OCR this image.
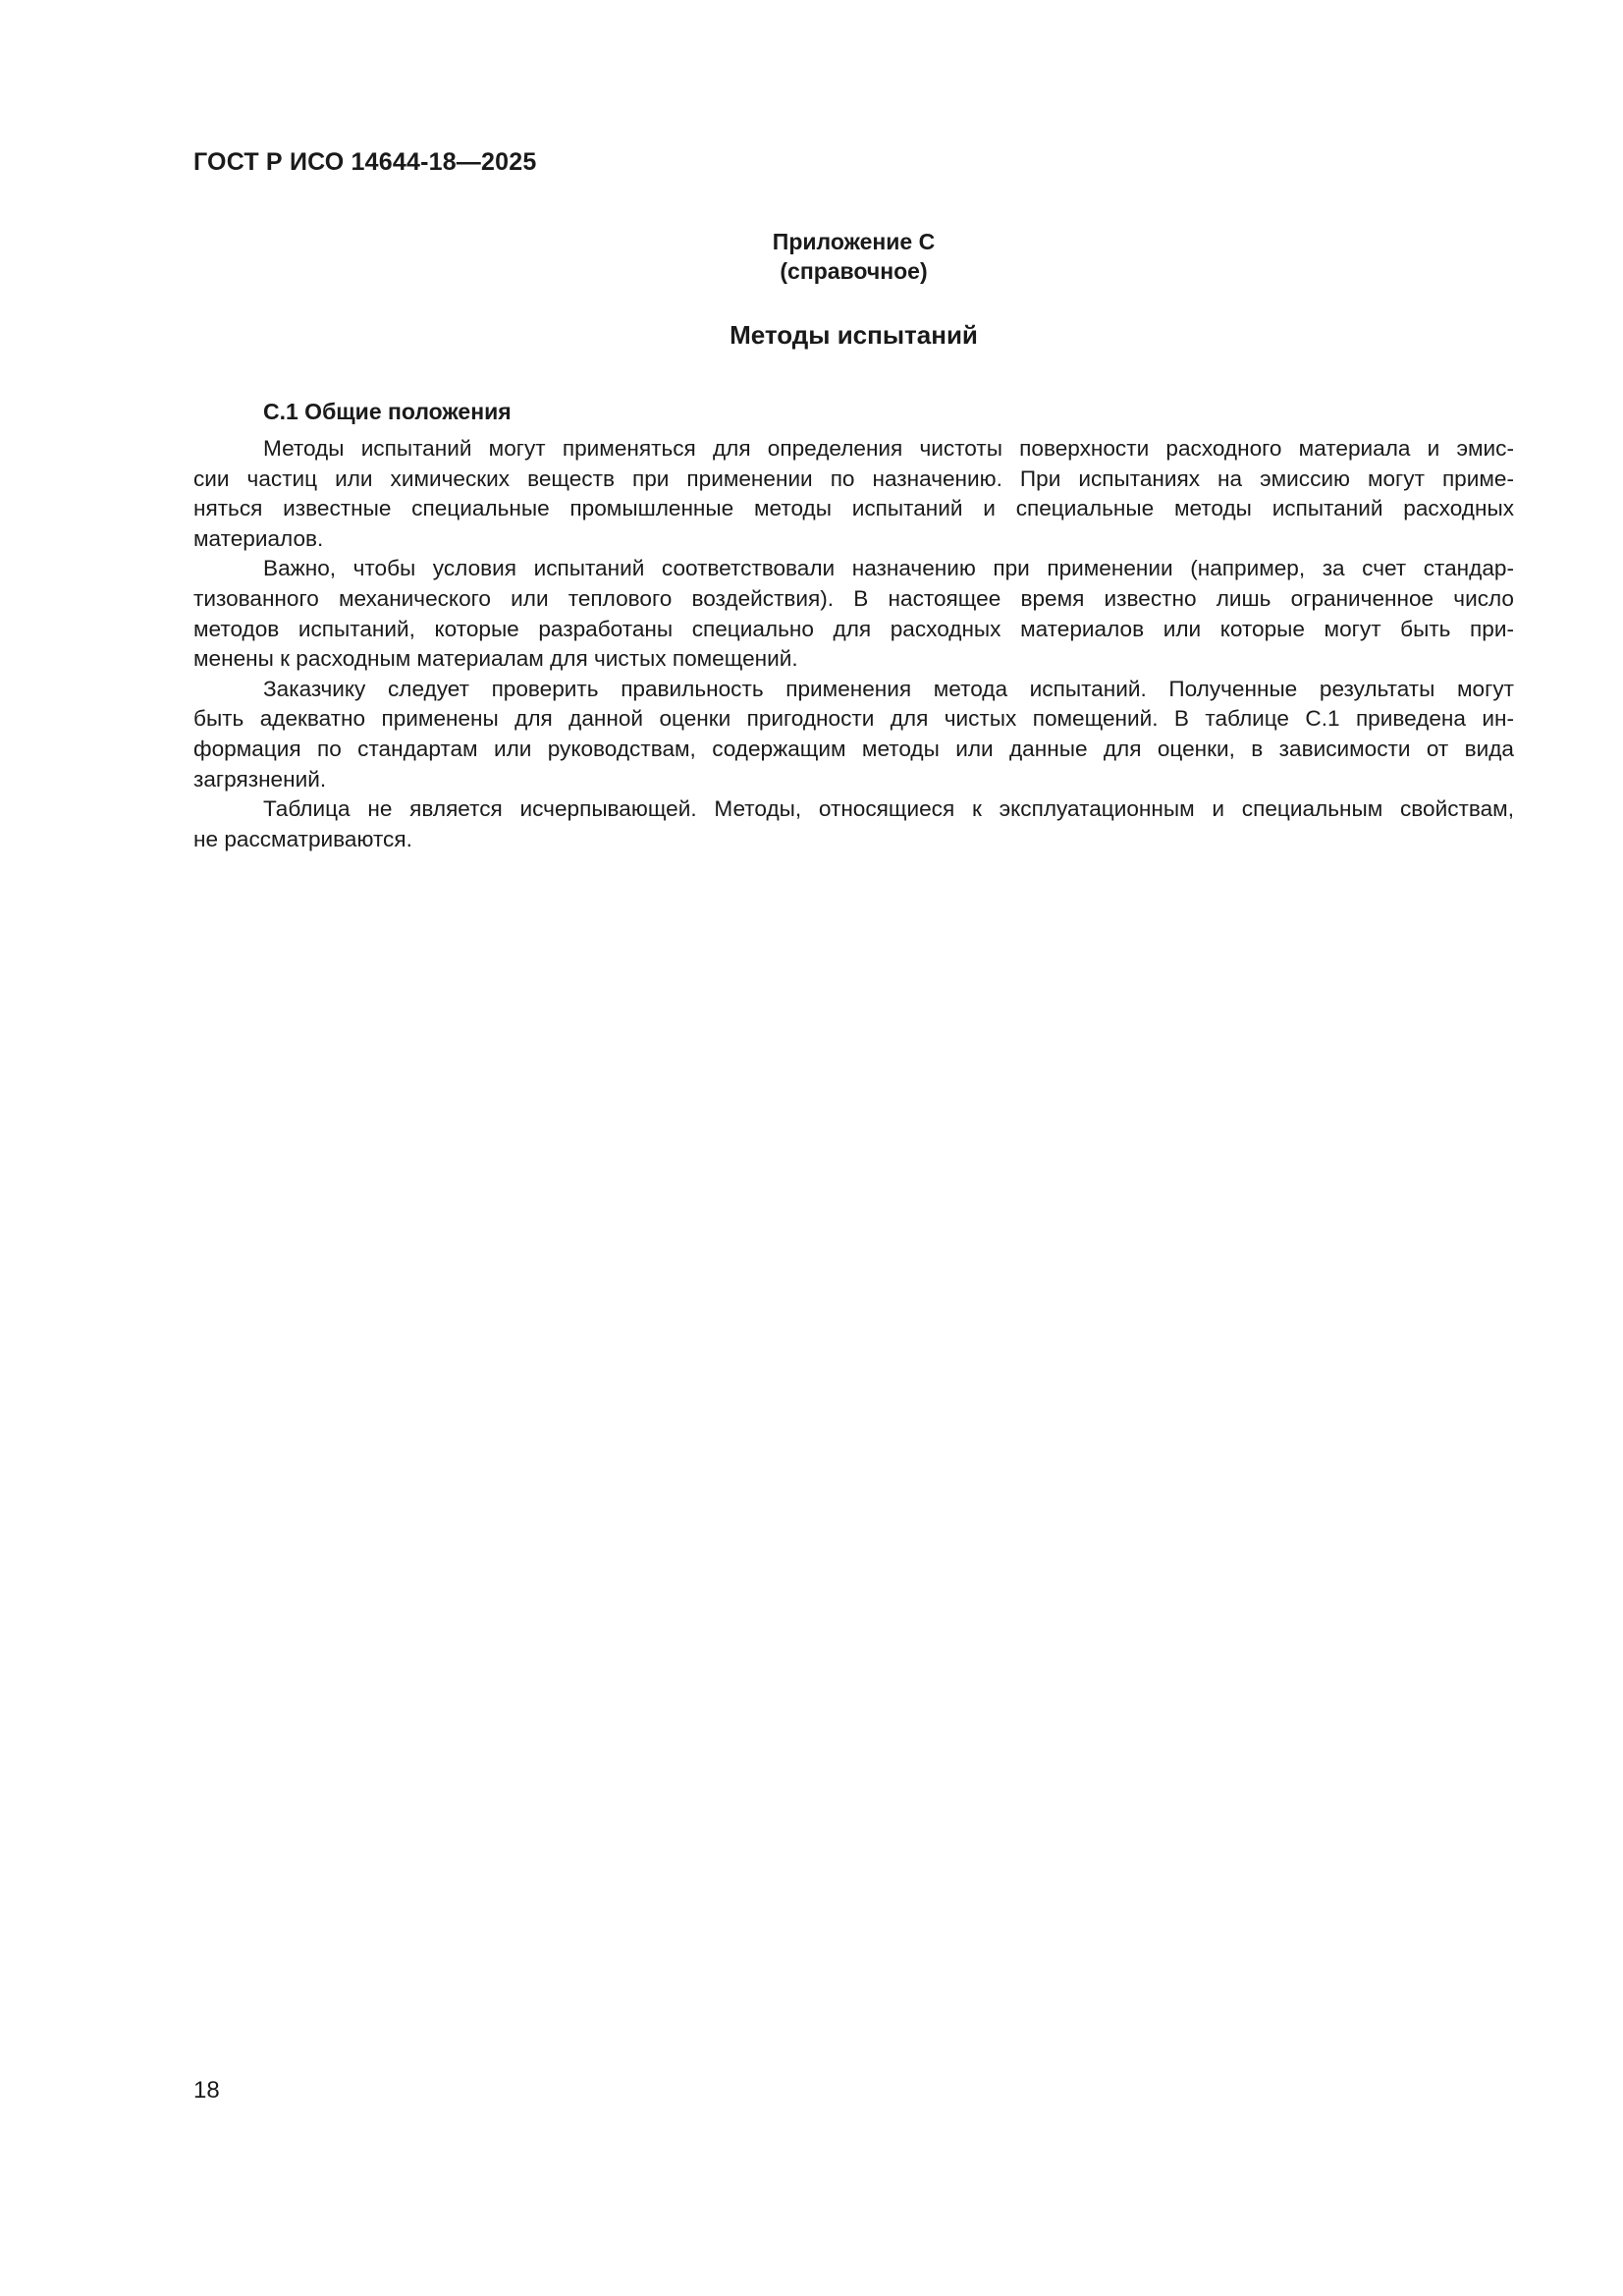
ГОСТ Р ИСО 14644-18—2025
Приложение С
(справочное)
Методы испытаний
С.1 Общие положения
Методы испытаний могут применяться для определения чистоты поверхности расходного материала и эмис-
сии частиц или химических веществ при применении по назначению. При испытаниях на эмиссию могут приме-
няться известные специальные промышленные методы испытаний и специальные методы испытаний расходных
материалов.
Важно, чтобы условия испытаний соответствовали назначению при применении (например, за счет стандар-
тизованного механического или теплового воздействия). В настоящее время известно лишь ограниченное число
методов испытаний, которые разработаны специально для расходных материалов или которые могут быть при-
менены к расходным материалам для чистых помещений.
Заказчику следует проверить правильность применения метода испытаний. Полученные результаты могут
быть адекватно применены для данной оценки пригодности для чистых помещений. В таблице С.1 приведена ин-
формация по стандартам или руководствам, содержащим методы или данные для оценки, в зависимости от вида
загрязнений.
Таблица не является исчерпывающей. Методы, относящиеся к эксплуатационным и специальным свойствам,
не рассматриваются.
18
